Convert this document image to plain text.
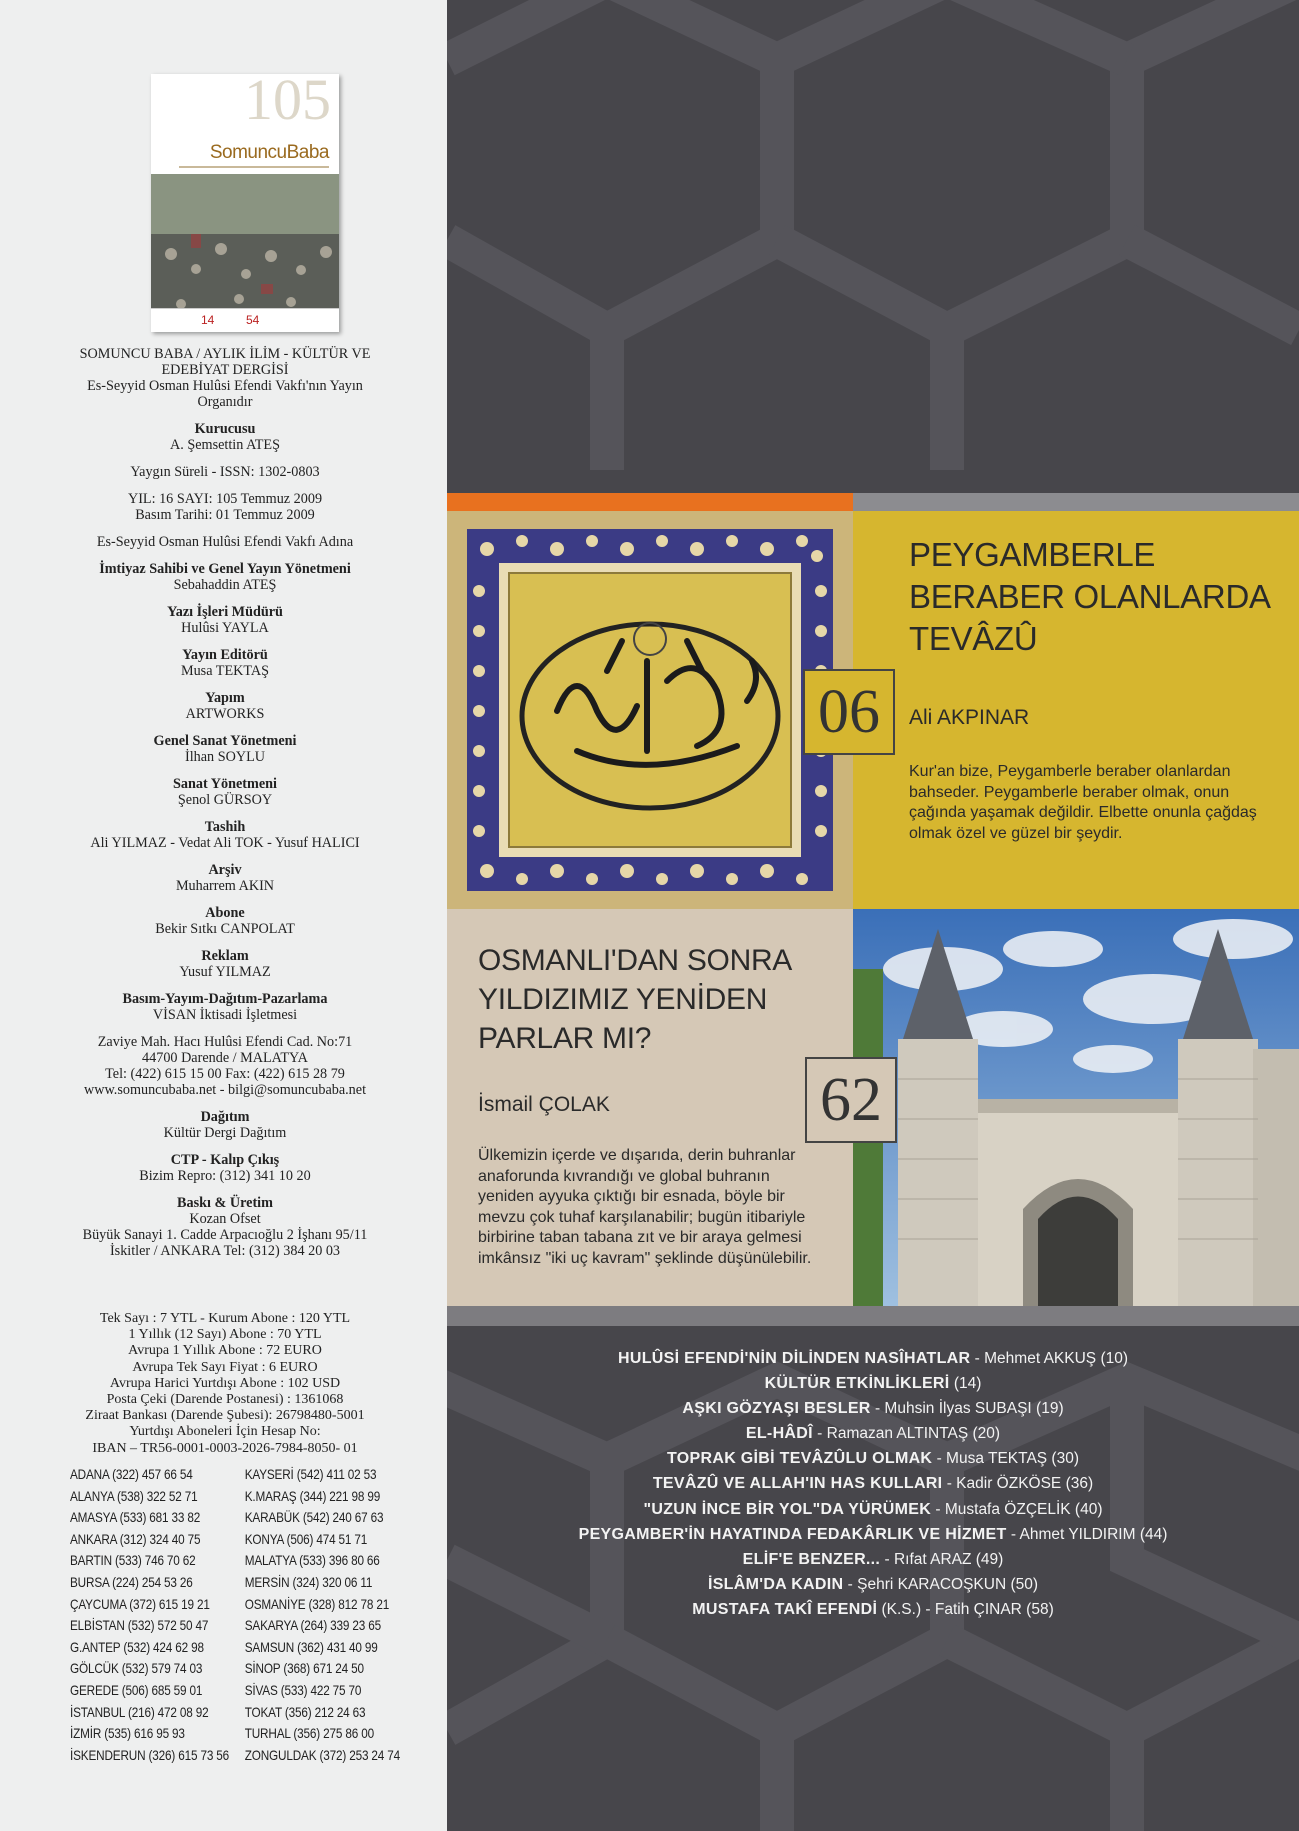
105
SomuncuBaba
14	54
SOMUNCU BABA / AYLIK İLİM - KÜLTÜR VE EDEBİYAT DERGİSİ
Es-Seyyid Osman Hulûsi Efendi Vakfı'nın Yayın Organıdır
Kurucusu
A. Şemsettin ATEŞ
Yaygın Süreli - ISSN: 1302-0803
YIL: 16 SAYI: 105 Temmuz 2009
Basım Tarihi: 01 Temmuz 2009
Es-Seyyid Osman Hulûsi Efendi Vakfı Adına
İmtiyaz Sahibi ve Genel Yayın Yönetmeni
Sebahaddin ATEŞ
Yazı İşleri Müdürü
Hulûsi YAYLA
Yayın Editörü
Musa TEKTAŞ
Yapım
ARTWORKS
Genel Sanat Yönetmeni
İlhan SOYLU
Sanat Yönetmeni
Şenol GÜRSOY
Tashih
Ali YILMAZ - Vedat Ali TOK - Yusuf HALICI
Arşiv
Muharrem AKIN
Abone
Bekir Sıtkı CANPOLAT
Reklam
Yusuf YILMAZ
Basım-Yayım-Dağıtım-Pazarlama
VİSAN İktisadi İşletmesi
Zaviye Mah. Hacı Hulûsi Efendi Cad. No:71
44700 Darende / MALATYA
Tel: (422) 615 15 00 Fax: (422) 615 28 79
www.somuncubaba.net - bilgi@somuncubaba.net
Dağıtım
Kültür Dergi Dağıtım
CTP - Kalıp Çıkış
Bizim Repro: (312) 341 10 20
Baskı & Üretim
Kozan Ofset
Büyük Sanayi 1. Cadde Arpacıoğlu 2 İşhanı 95/11
İskitler / ANKARA Tel: (312) 384 20 03
Tek Sayı : 7 YTL - Kurum Abone : 120 YTL
1 Yıllık (12 Sayı) Abone : 70 YTL
Avrupa 1 Yıllık Abone : 72 EURO
Avrupa Tek Sayı Fiyat : 6 EURO
Avrupa Harici Yurtdışı Abone : 102 USD
Posta Çeki (Darende Postanesi) : 1361068
Ziraat Bankası (Darende Şubesi): 26798480-5001
Yurtdışı Aboneleri İçin Hesap No:
IBAN – TR56-0001-0003-2026-7984-8050- 01
ADANA (322) 457 66 54
ALANYA (538) 322 52 71
AMASYA (533) 681 33 82
ANKARA (312) 324 40 75
BARTIN (533) 746 70 62
BURSA (224) 254 53 26
ÇAYCUMA (372) 615 19 21
ELBİSTAN (532) 572 50 47
G.ANTEP (532) 424 62 98
GÖLCÜK (532) 579 74 03
GEREDE (506) 685 59 01
İSTANBUL (216) 472 08 92
İZMİR (535) 616 95 93
İSKENDERUN (326) 615 73 56
KAYSERİ (542) 411 02 53
K.MARAŞ (344) 221 98 99
KARABÜK (542) 240 67 63
KONYA (506) 474 51 71
MALATYA (533) 396 80 66
MERSİN (324) 320 06 11
OSMANİYE (328) 812 78 21
SAKARYA (264) 339 23 65
SAMSUN (362) 431 40 99
SİNOP (368) 671 24 50
SİVAS (533) 422 75 70
TOKAT (356) 212 24 63
TURHAL (356) 275 86 00
ZONGULDAK (372) 253 24 74
PEYGAMBERLE
BERABER OLANLARDA
TEVÂZÛ
Ali AKPINAR
Kur'an bize, Peygamberle beraber olanlardan bahseder. Peygamberle beraber olmak, onun çağında yaşamak değildir. Elbette onunla çağdaş olmak özel ve güzel bir şeydir.
06
OSMANLI'DAN SONRA
YILDIZIMIZ YENİDEN
PARLAR MI?
İsmail ÇOLAK
Ülkemizin içerde ve dışarıda, derin buhranlar anaforunda kıvrandığı ve global buhranın yeniden ayyuka çıktığı bir esnada, böyle bir mevzu çok tuhaf karşılanabilir; bugün itibariyle birbirine taban tabana zıt ve bir araya gelmesi imkânsız "iki uç kavram" şeklinde düşünülebilir.
62
HULÛSİ EFENDİ'NİN DİLİNDEN NASÎHATLAR - Mehmet AKKUŞ (10)
KÜLTÜR ETKİNLİKLERİ (14)
AŞKI GÖZYAŞI BESLER - Muhsin İlyas SUBAŞI (19)
EL-HÂDÎ - Ramazan ALTINTAŞ (20)
TOPRAK GİBİ TEVÂZÛLU OLMAK - Musa TEKTAŞ (30)
TEVÂZÛ VE ALLAH'IN HAS KULLARI - Kadir ÖZKÖSE (36)
"UZUN İNCE BİR YOL"DA YÜRÜMEK - Mustafa ÖZÇELİK (40)
PEYGAMBER'İN HAYATINDA FEDAKÂRLIK VE HİZMET - Ahmet YILDIRIM (44)
ELİF'E BENZER... - Rıfat ARAZ (49)
İSLÂM'DA KADIN - Şehri KARACOŞKUN (50)
MUSTAFA TAKÎ EFENDİ (K.S.) - Fatih ÇINAR (58)
